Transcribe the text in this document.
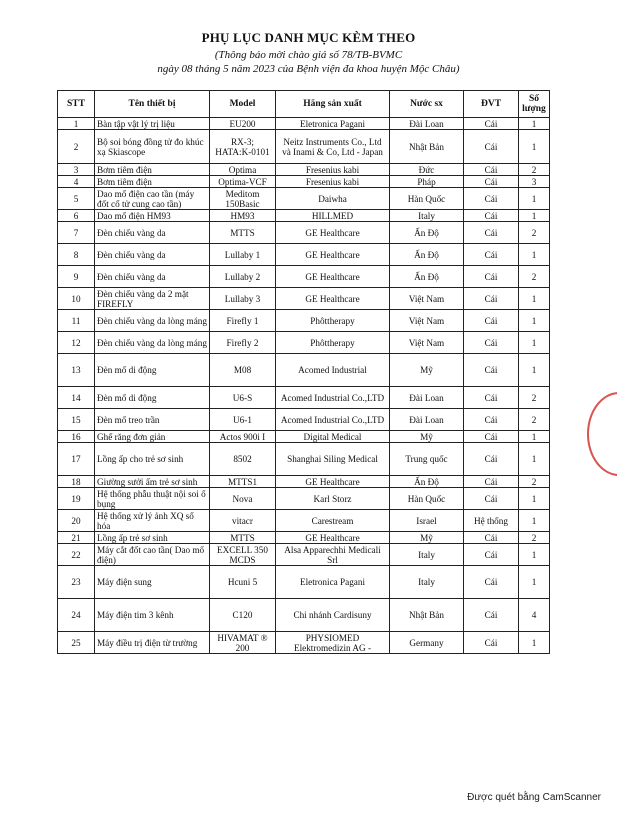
PHỤ LỤC DANH MỤC KÈM THEO
(Thông báo mời chào giá số 78/TB-BVMC
ngày 08 tháng 5 năm 2023 của Bệnh viện đa khoa huyện Mộc Châu)
STT	Tên thiết bị	Model	Hãng sản xuất	Nước sx	ĐVT	Số lượng
1	Bàn tập vật lý trị liệu	EU200	Eletronica Pagani	Đài Loan	Cái	1
2	Bộ soi bóng đồng tử đo khúc xạ Skiascope	RX-3; HATA:K-0101	Neitz Instruments Co., Ltd và Inami & Co, Ltd - Japan	Nhật Bản	Cái	1
3	Bơm tiêm điện	Optima	Fresenius kabi	Đức	Cái	2
4	Bơm tiêm điện	Optima-VCF	Fresenius kabi	Pháp	Cái	3
5	Dao mổ điện cao tần (máy đốt cổ tử cung cao tần)	Meditom 150Basic	Daiwha	Hàn Quốc	Cái	1
6	Dao mổ điện HM93	HM93	HILLMED	Italy	Cái	1
7	Đèn chiếu vàng da	MTTS	GE Healthcare	Ấn Độ	Cái	2
8	Đèn chiếu vàng da	Lullaby 1	GE Healthcare	Ấn Độ	Cái	1
9	Đèn chiếu vàng da	Lullaby 2	GE Healthcare	Ấn Độ	Cái	2
10	Đèn chiếu vàng da 2 mặt FIREFLY	Lullaby 3	GE Healthcare	Việt Nam	Cái	1
11	Đèn chiếu vàng da lòng máng	Firefly 1	Phôttherapy	Việt Nam	Cái	1
12	Đèn chiếu vàng da lòng máng	Firefly 2	Phôttherapy	Việt Nam	Cái	1
13	Đèn mổ di động	M08	Acomed Industrial	Mỹ	Cái	1
14	Đèn mổ di động	U6-S	Acomed Industrial Co.,LTD	Đài Loan	Cái	2
15	Đèn mổ treo trần	U6-1	Acomed Industrial Co.,LTD	Đài Loan	Cái	2
16	Ghế răng đơn giản	Actos 900i I	Digital Medical	Mỹ	Cái	1
17	Lồng ấp cho trẻ sơ sinh	8502	Shanghai Siling Medical	Trung quốc	Cái	1
18	Giường sưởi ấm trẻ sơ sinh	MTTS1	GE Healthcare	Ấn Độ	Cái	2
19	Hệ thống phẫu thuật nội soi ổ bụng	Nova	Karl Storz	Hàn Quốc	Cái	1
20	Hệ thống xử lý ảnh XQ số hóa	vitacr	Carestream	Israel	Hệ thống	1
21	Lồng ấp trẻ sơ sinh	MTTS	GE Healthcare	Mỹ	Cái	2
22	Máy cắt đốt cao tần( Dao mổ điện)	EXCELL 350 MCDS	Alsa Apparechhi Medicali Srl	Italy	Cái	1
23	Máy điện sung	Hcuni 5	Eletronica Pagani	Italy	Cái	1
24	Máy điện tim 3 kênh	C120	Chi nhánh Cardisuny	Nhật Bản	Cái	4
25	Máy điều trị điện từ trường	HIVAMAT ® 200	PHYSIOMED Elektromedizin AG -	Germany	Cái	1
Được quét bằng CamScanner
